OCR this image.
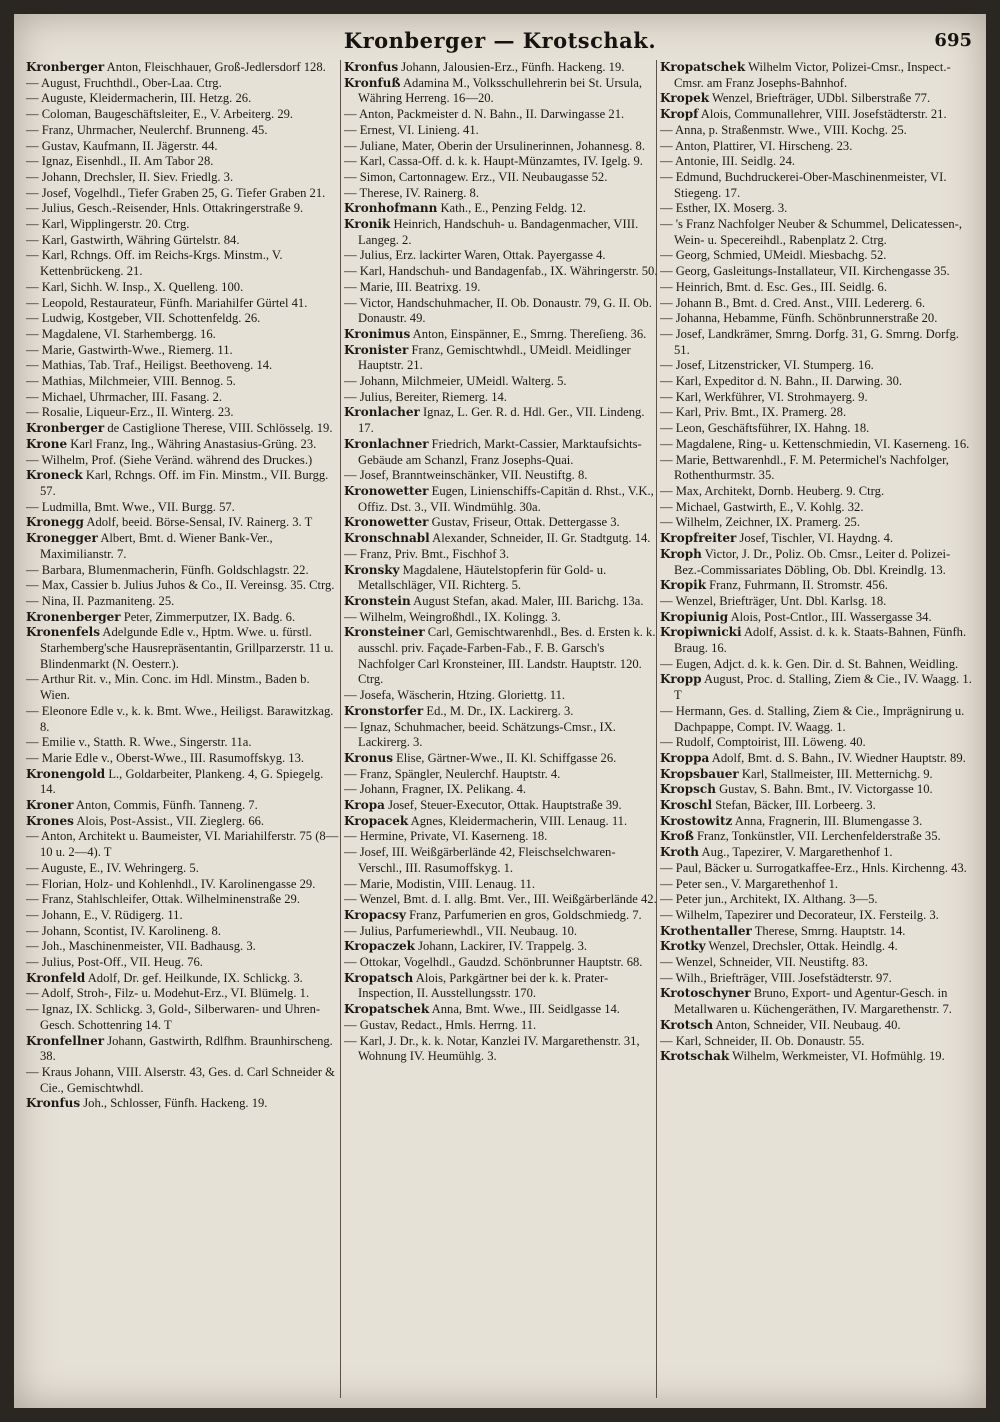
Kronberger — Krotschak.	695

Kronberger Anton, Fleischhauer, Groß-Jedlersdorf 128.

— August, Fruchthdl., Ober-Laa. Ctrg.

— Auguste, Kleidermacherin, III. Hetzg. 26.

— Coloman, Baugeschäftsleiter, E., V. Arbeiterg. 29.

— Franz, Uhrmacher, Neulerchf. Brunneng. 45.

— Gustav, Kaufmann, II. Jägerstr. 44.

— Ignaz, Eisenhdl., II. Am Tabor 28.

— Johann, Drechsler, II. Siev. Friedlg. 3.

— Josef, Vogelhdl., Tiefer Graben 25, G. Tiefer Graben 21.

— Julius, Gesch.-Reisender, Hnls. Ottakringerstraße 9.

— Karl, Wipplingerstr. 20. Ctrg.

— Karl, Gastwirth, Währing Gürtelstr. 84.

— Karl, Rchngs. Off. im Reichs-Krgs. Minstm., V. Kettenbrückeng. 21.

— Karl, Sichh. W. Insp., X. Quelleng. 100.

— Leopold, Restaurateur, Fünfh. Mariahilfer Gürtel 41.

— Ludwig, Kostgeber, VII. Schottenfeldg. 26.

— Magdalene, VI. Starhembergg. 16.

— Marie, Gastwirth-Wwe., Riemerg. 11.

— Mathias, Tab. Traf., Heiligst. Beethoveng. 14.

— Mathias, Milchmeier, VIII. Bennog. 5.

— Michael, Uhrmacher, III. Fasang. 2.

— Rosalie, Liqueur-Erz., II. Winterg. 23.

Kronberger de Castiglione Therese, VIII. Schlösselg. 19.

Krone Karl Franz, Ing., Währing Anastasius-Grüng. 23.

— Wilhelm, Prof. (Siehe Veränd. während des Druckes.)

Kroneck Karl, Rchngs. Off. im Fin. Minstm., VII. Burgg. 57.

— Ludmilla, Bmt. Wwe., VII. Burgg. 57.

Kronegg Adolf, beeid. Börse-Sensal, IV. Rainerg. 3. T

Kronegger Albert, Bmt. d. Wiener Bank-Ver., Maximilianstr. 7.

— Barbara, Blumenmacherin, Fünfh. Goldschlagstr. 22.

— Max, Cassier b. Julius Juhos & Co., II. Vereinsg. 35. Ctrg.

— Nina, II. Pazmaniteng. 25.

Kronenberger Peter, Zimmerputzer, IX. Badg. 6.

Kronenfels Adelgunde Edle v., Hptm. Wwe. u. fürstl. Starhemberg'sche Hausrepräsentantin, Grillparzerstr. 11 u. Blindenmarkt (N. Oesterr.).

— Arthur Rit. v., Min. Conc. im Hdl. Minstm., Baden b. Wien.

— Eleonore Edle v., k. k. Bmt. Wwe., Heiligst. Barawitzkag. 8.

— Emilie v., Statth. R. Wwe., Singerstr. 11a.

— Marie Edle v., Oberst-Wwe., III. Rasumoffskyg. 13.

Kronengold L., Goldarbeiter, Plankeng. 4, G. Spiegelg. 14.

Kroner Anton, Commis, Fünfh. Tanneng. 7.

Krones Alois, Post-Assist., VII. Zieglerg. 66.

— Anton, Architekt u. Baumeister, VI. Mariahilferstr. 75 (8—10 u. 2—4). T

— Auguste, E., IV. Wehringerg. 5.

— Florian, Holz- und Kohlenhdl., IV. Karolinengasse 29.

— Franz, Stahlschleifer, Ottak. Wilhelminenstraße 29.

— Johann, E., V. Rüdigerg. 11.

— Johann, Scontist, IV. Karolineng. 8.

— Joh., Maschinenmeister, VII. Badhausg. 3.

— Julius, Post-Off., VII. Heug. 76.

Kronfeld Adolf, Dr. gef. Heilkunde, IX. Schlickg. 3.

— Adolf, Stroh-, Filz- u. Modehut-Erz., VI. Blümelg. 1.

— Ignaz, IX. Schlickg. 3, Gold-, Silberwaren- und Uhren-Gesch. Schottenring 14. T

Kronfellner Johann, Gastwirth, Rdlfhm. Braunhirscheng. 38.

— Kraus Johann, VIII. Alserstr. 43, Ges. d. Carl Schneider & Cie., Gemischtwhdl.

Kronfus Joh., Schlosser, Fünfh. Hackeng. 19.

Kronfus Johann, Jalousien-Erz., Fünfh. Hackeng. 19.

Kronfuß Adamina M., Volksschullehrerin bei St. Ursula, Währing Herreng. 16—20.

— Anton, Packmeister d. N. Bahn., II. Darwingasse 21.

— Ernest, VI. Linieng. 41.

— Juliane, Mater, Oberin der Ursulinerinnen, Johannesg. 8.

— Karl, Cassa-Off. d. k. k. Haupt-Münzamtes, IV. Igelg. 9.

— Simon, Cartonnagew. Erz., VII. Neubaugasse 52.

— Therese, IV. Rainerg. 8.

Kronhofmann Kath., E., Penzing Feldg. 12.

Kronik Heinrich, Handschuh- u. Bandagenmacher, VIII. Langeg. 2.

— Julius, Erz. lackirter Waren, Ottak. Payergasse 4.

— Karl, Handschuh- und Bandagenfab., IX. Währingerstr. 50.

— Marie, III. Beatrixg. 19.

— Victor, Handschuhmacher, II. Ob. Donaustr. 79, G. II. Ob. Donaustr. 49.

Kronimus Anton, Einspänner, E., Smrng. Thereſieng. 36.

Kronister Franz, Gemischtwhdl., UMeidl. Meidlinger Hauptstr. 21.

— Johann, Milchmeier, UMeidl. Walterg. 5.

— Julius, Bereiter, Riemerg. 14.

Kronlacher Ignaz, L. Ger. R. d. Hdl. Ger., VII. Lindeng. 17.

Kronlachner Friedrich, Markt-Cassier, Marktaufsichts-Gebäude am Schanzl, Franz Josephs-Quai.

— Josef, Branntweinschänker, VII. Neustiftg. 8.

Kronowetter Eugen, Linienschiffs-Capitän d. Rhst., V.K., Offiz. Dst. 3., VII. Windmühlg. 30a.

Kronowetter Gustav, Friseur, Ottak. Dettergasse 3.

Kronschnabl Alexander, Schneider, II. Gr. Stadtgutg. 14.

— Franz, Priv. Bmt., Fischhof 3.

Kronsky Magdalene, Häutelstopferin für Gold- u. Metallschläger, VII. Richterg. 5.

Kronstein August Stefan, akad. Maler, III. Barichg. 13a.

— Wilhelm, Weingroßhdl., IX. Kolingg. 3.

Kronsteiner Carl, Gemischtwarenhdl., Bes. d. Ersten k. k. ausschl. priv. Façade-Farben-Fab., F. B. Garsch's Nachfolger Carl Kronsteiner, III. Landstr. Hauptstr. 120. Ctrg.

— Josefa, Wäscherin, Htzing. Gloriettg. 11.

Kronstorfer Ed., M. Dr., IX. Lackirerg. 3.

— Ignaz, Schuhmacher, beeid. Schätzungs-Cmsr., IX. Lackirerg. 3.

Kronus Elise, Gärtner-Wwe., II. Kl. Schiffgasse 26.

— Franz, Spängler, Neulerchf. Hauptstr. 4.

— Johann, Fragner, IX. Pelikang. 4.

Kropa Josef, Steuer-Executor, Ottak. Hauptstraße 39.

Kropacek Agnes, Kleidermacherin, VIII. Lenaug. 11.

— Hermine, Private, VI. Kaserneng. 18.

— Josef, III. Weißgärberlände 42, Fleischselchwaren-Verschl., III. Rasumoffskyg. 1.

— Marie, Modistin, VIII. Lenaug. 11.

— Wenzel, Bmt. d. I. allg. Bmt. Ver., III. Weißgärberlände 42.

Kropacsy Franz, Parfumerien en gros, Goldschmiedg. 7.

— Julius, Parfumeriewhdl., VII. Neubaug. 10.

Kropaczek Johann, Lackirer, IV. Trappelg. 3.

— Ottokar, Vogelhdl., Gaudzd. Schönbrunner Hauptstr. 68.

Kropatsch Alois, Parkgärtner bei der k. k. Prater-Inspection, II. Ausstellungsstr. 170.

Kropatschek Anna, Bmt. Wwe., III. Seidlgasse 14.

— Gustav, Redact., Hmls. Herrng. 11.

— Karl, J. Dr., k. k. Notar, Kanzlei IV. Margarethenstr. 31, Wohnung IV. Heumühlg. 3.

Kropatschek Wilhelm Victor, Polizei-Cmsr., Inspect.-Cmsr. am Franz Josephs-Bahnhof.

Kropek Wenzel, Briefträger, UDbl. Silberstraße 77.

Kropf Alois, Communallehrer, VIII. Josefstädterstr. 21.

— Anna, p. Straßenmstr. Wwe., VIII. Kochg. 25.

— Anton, Plattirer, VI. Hirscheng. 23.

— Antonie, III. Seidlg. 24.

— Edmund, Buchdruckerei-Ober-Maschinenmeister, VI. Stiegeng. 17.

— Esther, IX. Moserg. 3.

— 's Franz Nachfolger Neuber & Schummel, Delicatessen-, Wein- u. Specereihdl., Rabenplatz 2. Ctrg.

— Georg, Schmied, UMeidl. Miesbachg. 52.

— Georg, Gasleitungs-Installateur, VII. Kirchengasse 35.

— Heinrich, Bmt. d. Esc. Ges., III. Seidlg. 6.

— Johann B., Bmt. d. Cred. Anst., VIII. Ledererg. 6.

— Johanna, Hebamme, Fünfh. Schönbrunnerstraße 20.

— Josef, Landkrämer, Smrng. Dorfg. 31, G. Smrng. Dorfg. 51.

— Josef, Litzenstricker, VI. Stumperg. 16.

— Karl, Expeditor d. N. Bahn., II. Darwing. 30.

— Karl, Werkführer, VI. Strohmayerg. 9.

— Karl, Priv. Bmt., IX. Pramerg. 28.

— Leon, Geschäftsführer, IX. Hahng. 18.

— Magdalene, Ring- u. Kettenschmiedin, VI. Kaserneng. 16.

— Marie, Bettwarenhdl., F. M. Petermichel's Nachfolger, Rothenthurmstr. 35.

— Max, Architekt, Dornb. Heuberg. 9. Ctrg.

— Michael, Gastwirth, E., V. Kohlg. 32.

— Wilhelm, Zeichner, IX. Pramerg. 25.

Kropfreiter Josef, Tischler, VI. Haydng. 4.

Kroph Victor, J. Dr., Poliz. Ob. Cmsr., Leiter d. Polizei-Bez.-Commissariates Döbling, Ob. Dbl. Kreindlg. 13.

Kropik Franz, Fuhrmann, II. Stromstr. 456.

— Wenzel, Briefträger, Unt. Dbl. Karlsg. 18.

Kropiunig Alois, Post-Cntlor., III. Wassergasse 34.

Kropiwnicki Adolf, Assist. d. k. k. Staats-Bahnen, Fünfh. Braug. 16.

— Eugen, Adjct. d. k. k. Gen. Dir. d. St. Bahnen, Weidling.

Kropp August, Proc. d. Stalling, Ziem & Cie., IV. Waagg. 1. T

— Hermann, Ges. d. Stalling, Ziem & Cie., Imprägnirung u. Dachpappe, Compt. IV. Waagg. 1.

— Rudolf, Comptoirist, III. Löweng. 40.

Kroppa Adolf, Bmt. d. S. Bahn., IV. Wiedner Hauptstr. 89.

Kropsbauer Karl, Stallmeister, III. Metternichg. 9.

Kropsch Gustav, S. Bahn. Bmt., IV. Victorgasse 10.

Kroschl Stefan, Bäcker, III. Lorbeerg. 3.

Krostowitz Anna, Fragnerin, III. Blumengasse 3.

Kroß Franz, Tonkünstler, VII. Lerchenfelderstraße 35.

Kroth Aug., Tapezirer, V. Margarethenhof 1.

— Paul, Bäcker u. Surrogatkaffee-Erz., Hnls. Kirchenng. 43.

— Peter sen., V. Margarethenhof 1.

— Peter jun., Architekt, IX. Althang. 3—5.

— Wilhelm, Tapezirer und Decorateur, IX. Fersteilg. 3.

Krothentaller Therese, Smrng. Hauptstr. 14.

Krotky Wenzel, Drechsler, Ottak. Heindlg. 4.

— Wenzel, Schneider, VII. Neustiftg. 83.

— Wilh., Briefträger, VIII. Josefstädterstr. 97.

Krotoschyner Bruno, Export- und Agentur-Gesch. in Metallwaren u. Küchengeräthen, IV. Margarethenstr. 7.

Krotsch Anton, Schneider, VII. Neubaug. 40.

— Karl, Schneider, II. Ob. Donaustr. 55.

Krotschak Wilhelm, Werkmeister, VI. Hofmühlg. 19.
